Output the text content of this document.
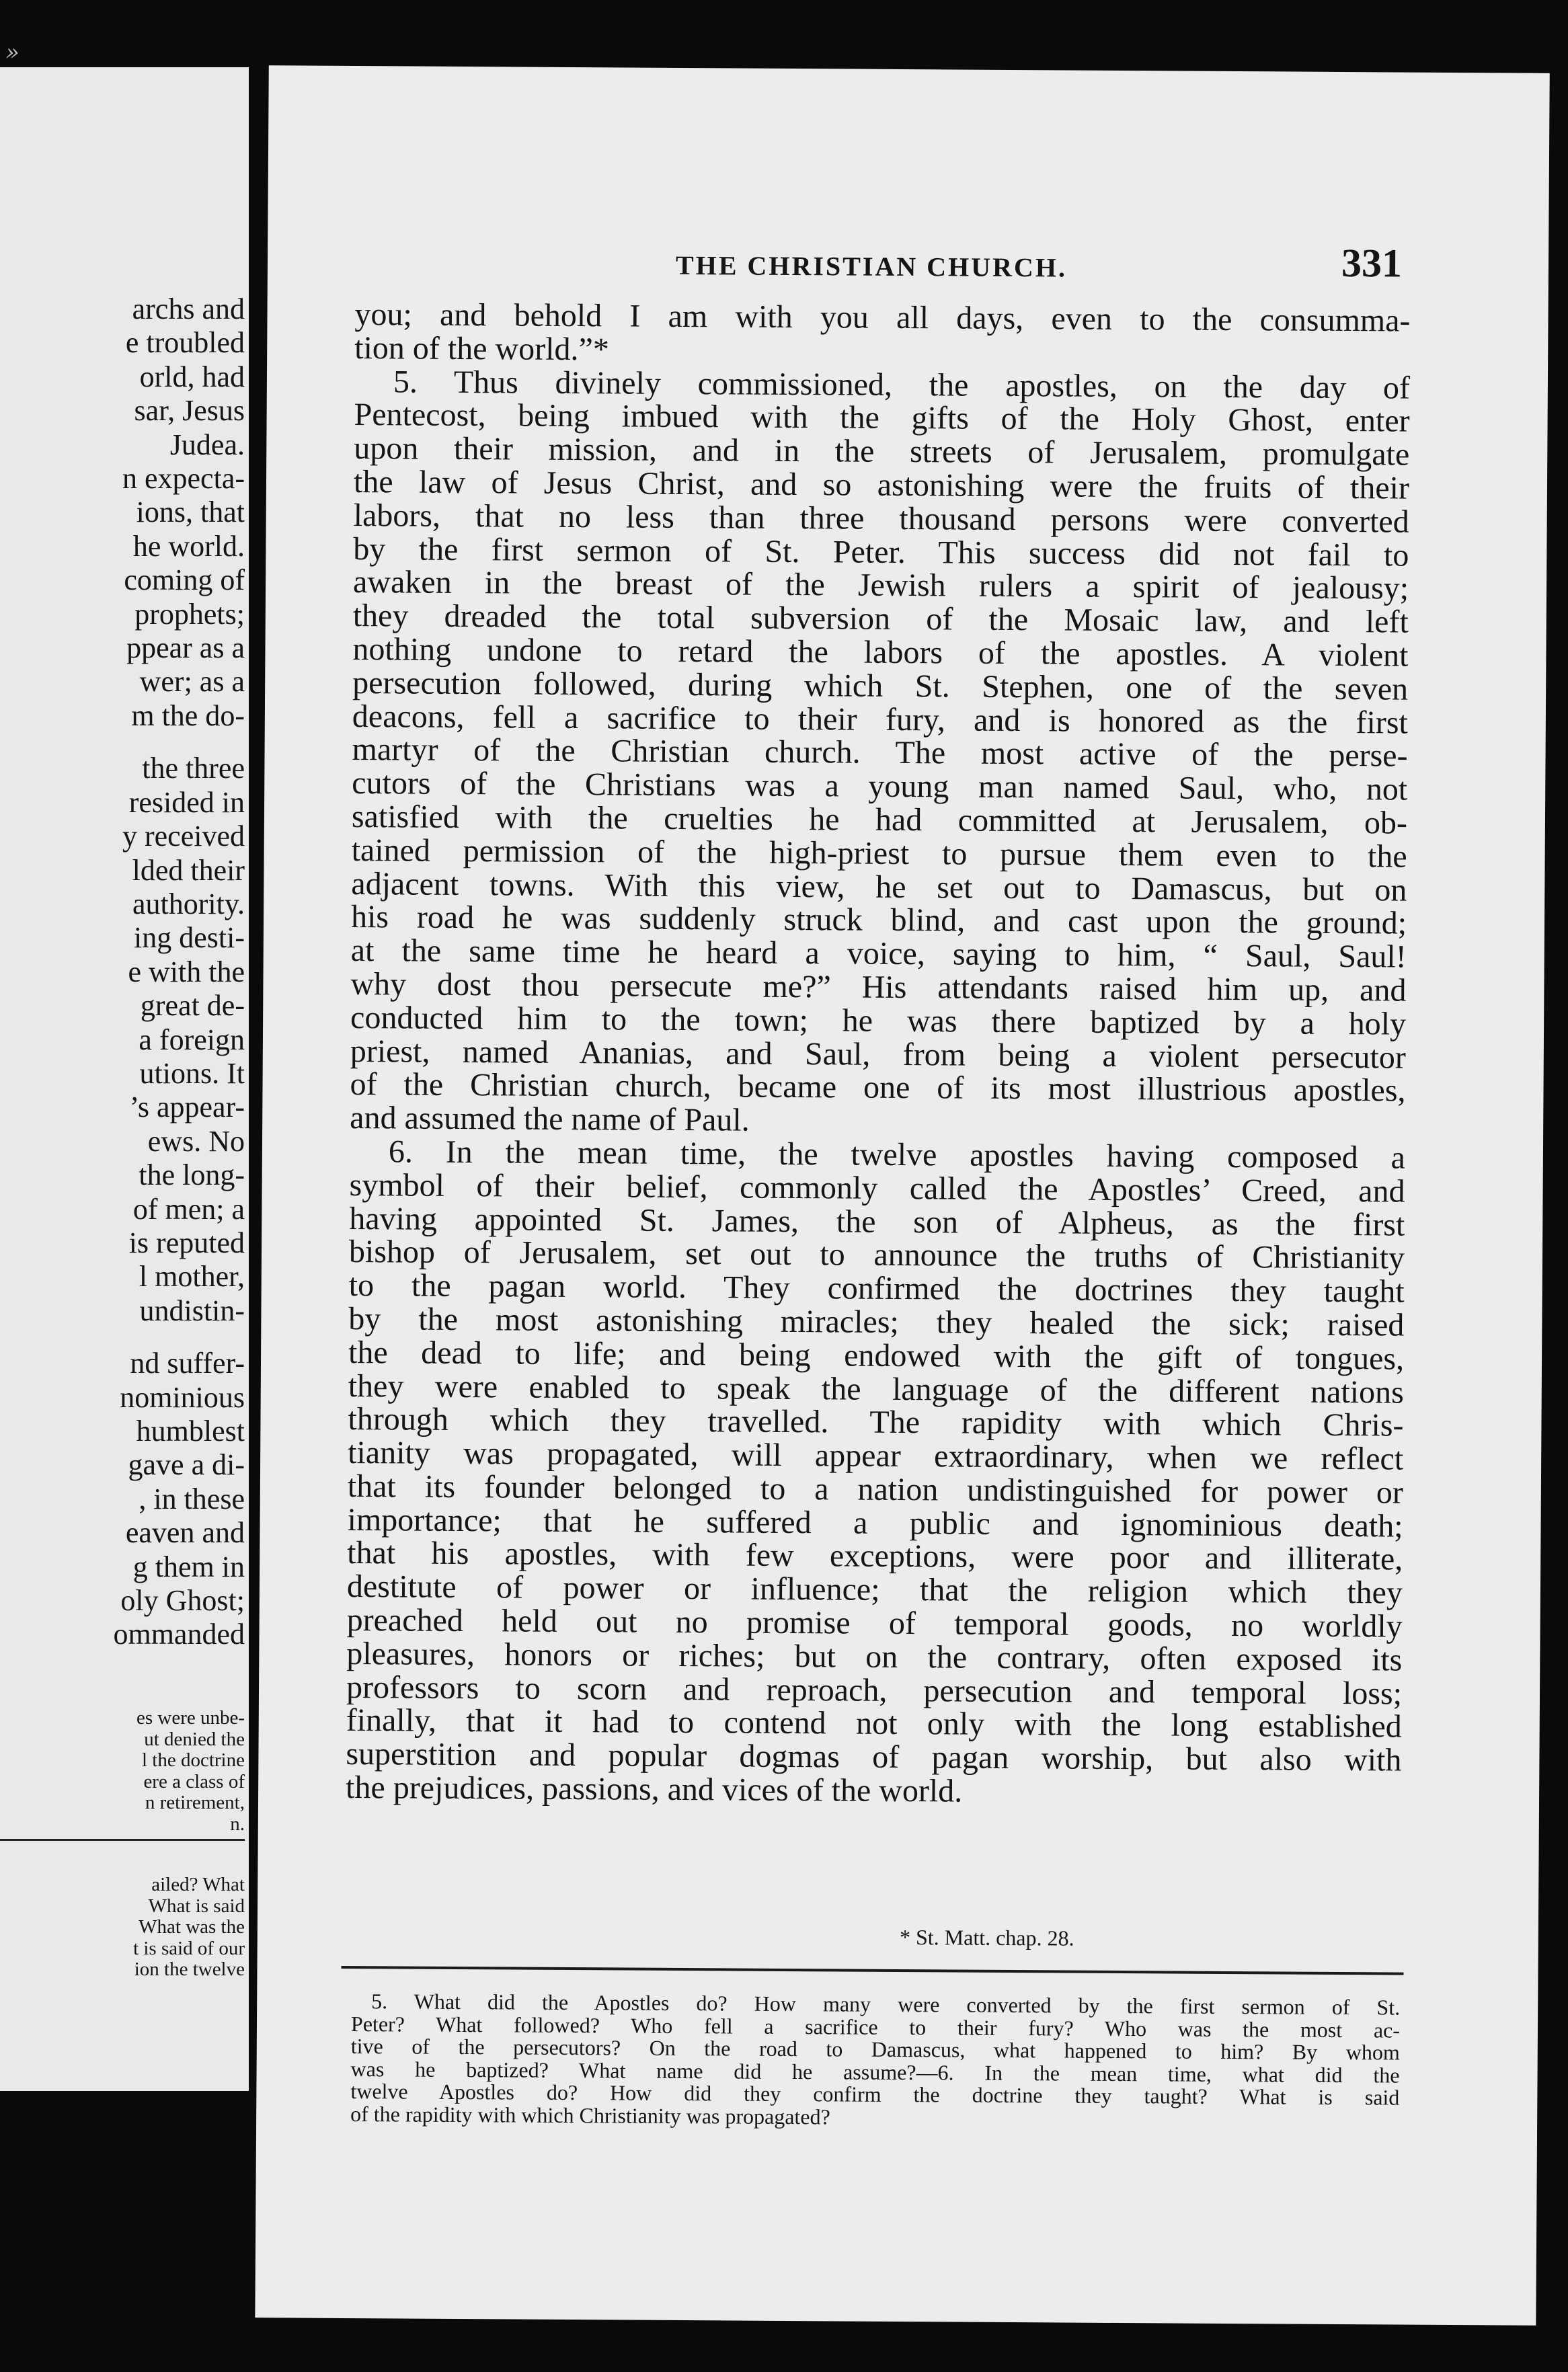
»
archs and
e troubled
orld, had
sar, Jesus
Judea.
n expecta-
ions, that
he world.
coming of
prophets;
ppear as a
wer; as a
m the do-
the three
resided in
y received
lded their
authority.
ing desti-
e with the
great de-
a foreign
utions. It
’s appear-
ews. No
the long-
of men; a
is reputed
l mother,
undistin-
nd suffer-
nominious
humblest
gave a di-
, in these
eaven and
g them in
oly Ghost;
ommanded
es were unbe-
ut denied the
l the doctrine
ere a class of
n retirement,
n.
ailed? What
What is said
What was the
t is said of our
ion the twelve
THE CHRISTIAN CHURCH.	331
you; and behold I am with you all days, even to the consumma-
tion of the world.”*
5. Thus divinely commissioned, the apostles, on the day of
Pentecost, being imbued with the gifts of the Holy Ghost, enter
upon their mission, and in the streets of Jerusalem, promulgate
the law of Jesus Christ, and so astonishing were the fruits of their
labors, that no less than three thousand persons were converted
by the first sermon of St. Peter. This success did not fail to
awaken in the breast of the Jewish rulers a spirit of jealousy;
they dreaded the total subversion of the Mosaic law, and left
nothing undone to retard the labors of the apostles. A violent
persecution followed, during which St. Stephen, one of the seven
deacons, fell a sacrifice to their fury, and is honored as the first
martyr of the Christian church. The most active of the perse-
cutors of the Christians was a young man named Saul, who, not
satisfied with the cruelties he had committed at Jerusalem, ob-
tained permission of the high-priest to pursue them even to the
adjacent towns. With this view, he set out to Damascus, but on
his road he was suddenly struck blind, and cast upon the ground;
at the same time he heard a voice, saying to him, “ Saul, Saul!
why dost thou persecute me?” His attendants raised him up, and
conducted him to the town; he was there baptized by a holy
priest, named Ananias, and Saul, from being a violent persecutor
of the Christian church, became one of its most illustrious apostles,
and assumed the name of Paul.
6. In the mean time, the twelve apostles having composed a
symbol of their belief, commonly called the Apostles’ Creed, and
having appointed St. James, the son of Alpheus, as the first
bishop of Jerusalem, set out to announce the truths of Christianity
to the pagan world. They confirmed the doctrines they taught
by the most astonishing miracles; they healed the sick; raised
the dead to life; and being endowed with the gift of tongues,
they were enabled to speak the language of the different nations
through which they travelled. The rapidity with which Chris-
tianity was propagated, will appear extraordinary, when we reflect
that its founder belonged to a nation undistinguished for power or
importance; that he suffered a public and ignominious death;
that his apostles, with few exceptions, were poor and illiterate,
destitute of power or influence; that the religion which they
preached held out no promise of temporal goods, no worldly
pleasures, honors or riches; but on the contrary, often exposed its
professors to scorn and reproach, persecution and temporal loss;
finally, that it had to contend not only with the long established
superstition and popular dogmas of pagan worship, but also with
the prejudices, passions, and vices of the world.
* St. Matt. chap. 28.
5. What did the Apostles do? How many were converted by the first sermon of St.
Peter? What followed? Who fell a sacrifice to their fury? Who was the most ac-
tive of the persecutors? On the road to Damascus, what happened to him? By whom
was he baptized? What name did he assume?—6. In the mean time, what did the
twelve Apostles do? How did they confirm the doctrine they taught? What is said
of the rapidity with which Christianity was propagated?
